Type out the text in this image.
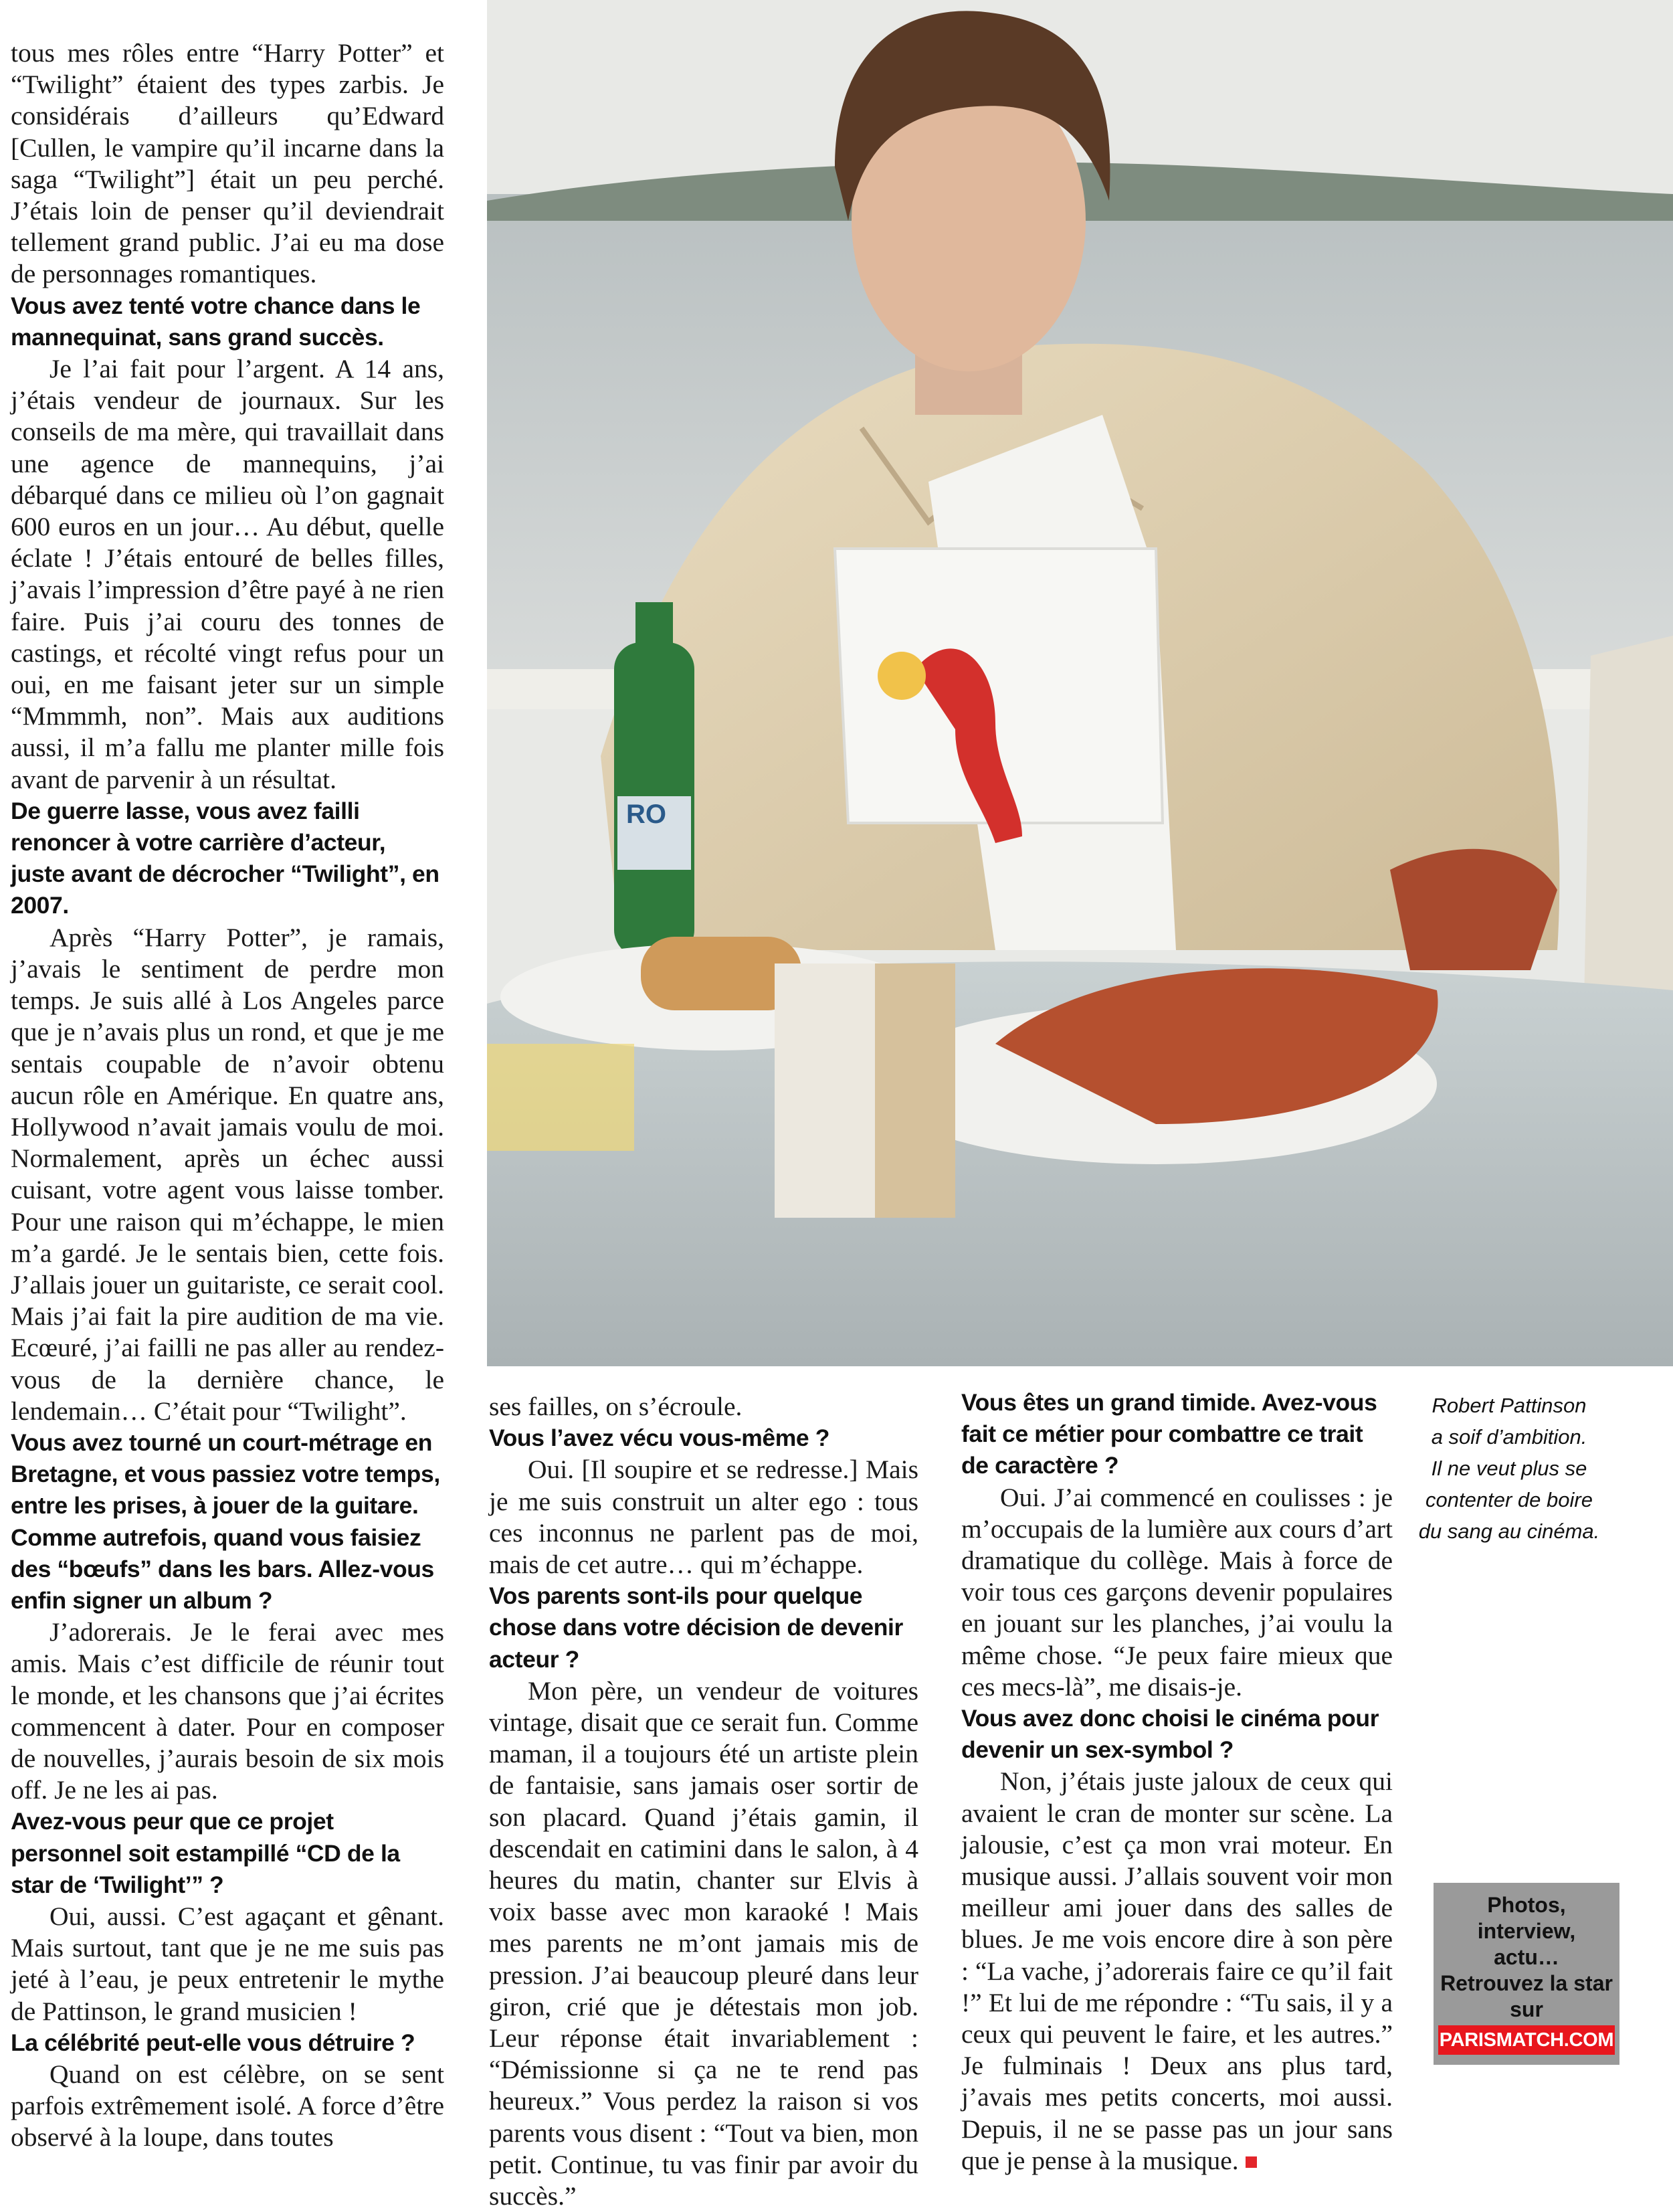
RO

tous mes rôles entre “Harry Potter” et “Twilight” étaient des types zarbis. Je considérais d’ailleurs qu’Edward [Cullen, le vampire qu’il incarne dans la saga “Twilight”] était un peu perché. J’étais loin de penser qu’il deviendrait tellement grand public. J’ai eu ma dose de personnages romantiques.

Vous avez tenté votre chance dans le mannequinat, sans grand succès.

Je l’ai fait pour l’argent. A 14 ans, j’étais vendeur de journaux. Sur les conseils de ma mère, qui travaillait dans une agence de mannequins, j’ai débarqué dans ce milieu où l’on gagnait 600 euros en un jour… Au début, quelle éclate ! J’étais entouré de belles filles, j’avais l’impression d’être payé à ne rien faire. Puis j’ai couru des tonnes de castings, et récolté vingt refus pour un oui, en me faisant jeter sur un simple “Mmmmh, non”. Mais aux auditions aussi, il m’a fallu me planter mille fois avant de parvenir à un résultat.

De guerre lasse, vous avez failli renoncer à votre carrière d’acteur, juste avant de décrocher “Twilight”, en 2007.

Après “Harry Potter”, je ramais, j’avais le sentiment de perdre mon temps. Je suis allé à Los Angeles parce que je n’avais plus un rond, et que je me sentais coupable de n’avoir obtenu aucun rôle en Amérique. En quatre ans, Hollywood n’avait jamais voulu de moi. Normalement, après un échec aussi cuisant, votre agent vous laisse tomber. Pour une raison qui m’échappe, le mien m’a gardé. Je le sentais bien, cette fois. J’allais jouer un guitariste, ce serait cool. Mais j’ai fait la pire audition de ma vie. Ecœuré, j’ai failli ne pas aller au rendez-vous de la dernière chance, le lendemain… C’était pour “Twilight”.

Vous avez tourné un court-métrage en Bretagne, et vous passiez votre temps, entre les prises, à jouer de la guitare. Comme autrefois, quand vous faisiez des “bœufs” dans les bars. Allez-vous enfin signer un album ?

J’adorerais. Je le ferai avec mes amis. Mais c’est difficile de réunir tout le monde, et les chansons que j’ai écrites commencent à dater. Pour en composer de nouvelles, j’aurais besoin de six mois off. Je ne les ai pas.

Avez-vous peur que ce projet personnel soit estampillé “CD de la star de ‘Twilight’” ?

Oui, aussi. C’est agaçant et gênant. Mais surtout, tant que je ne me suis pas jeté à l’eau, je peux entretenir le mythe de Pattinson, le grand musicien !

La célébrité peut-elle vous détruire ?

Quand on est célèbre, on se sent parfois extrêmement isolé. A force d’être observé à la loupe, dans toutes

ses failles, on s’écroule.

Vous l’avez vécu vous-même ?

Oui. [Il soupire et se redresse.] Mais je me suis construit un alter ego : tous ces inconnus ne parlent pas de moi, mais de cet autre… qui m’échappe.

Vos parents sont-ils pour quelque chose dans votre décision de devenir acteur ?

Mon père, un vendeur de voitures vintage, disait que ce serait fun. Comme maman, il a toujours été un artiste plein de fantaisie, sans jamais oser sortir de son placard. Quand j’étais gamin, il descendait en catimini dans le salon, à 4 heures du matin, chanter sur Elvis à voix basse avec mon karaoké ! Mais mes parents ne m’ont jamais mis de pression. J’ai beaucoup pleuré dans leur giron, crié que je détestais mon job. Leur réponse était invariablement : “Démissionne si ça ne te rend pas heureux.” Vous perdez la raison si vos parents vous disent : “Tout va bien, mon petit. Continue, tu vas finir par avoir du succès.”

Vous êtes un grand timide. Avez-vous fait ce métier pour combattre ce trait de caractère ?

Oui. J’ai commencé en coulisses : je m’occupais de la lumière aux cours d’art dramatique du collège. Mais à force de voir tous ces garçons devenir populaires en jouant sur les planches, j’ai voulu la même chose. “Je peux faire mieux que ces mecs-là”, me disais-je.

Vous avez donc choisi le cinéma pour devenir un sex-symbol ?

Non, j’étais juste jaloux de ceux qui avaient le cran de monter sur scène. La jalousie, c’est ça mon vrai moteur. En musique aussi. J’allais souvent voir mon meilleur ami jouer dans des salles de blues. Je me vois encore dire à son père : “La vache, j’adorerais faire ce qu’il fait !” Et lui de me répondre : “Tu sais, il y a ceux qui peuvent le faire, et les autres.” Je fulminais ! Deux ans plus tard, j’avais mes petits concerts, moi aussi. Depuis, il ne se passe pas un jour sans que je pense à la musique.

Robert Pattinson
a soif d’ambition.
Il ne veut plus se
contenter de boire
du sang au cinéma.
Photos,
interview,
actu…
Retrouvez la star
sur
PARISMATCH.COM
